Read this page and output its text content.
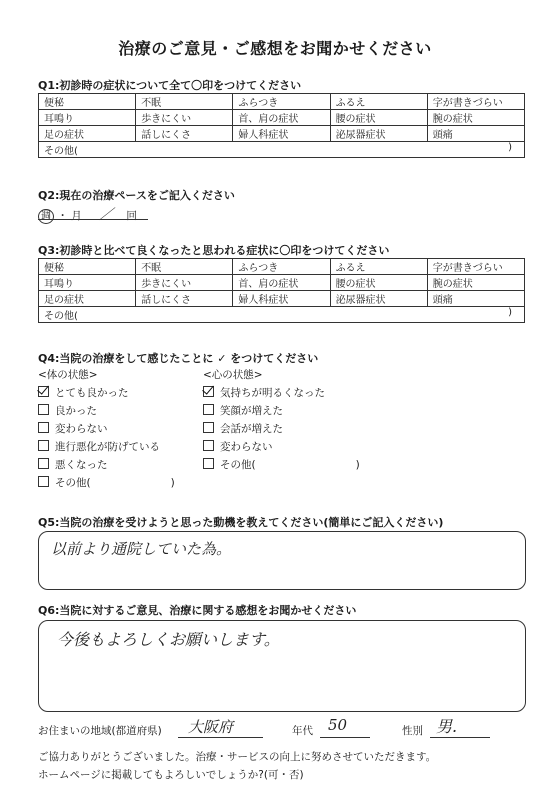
治療のご意見・ご感想をお聞かせください
Q1:初診時の症状について全て〇印をつけてください
便秘	不眠	ふらつき	ふるえ	字が書きづらい
耳鳴り	歩きにくい	首、肩の症状	腰の症状	腕の症状
足の症状	話しにくさ	婦人科症状	泌尿器症状	頭痛
その他( )				
Q2:現在の治療ペースをご記入ください
週 ・ 月 ／ 回
Q3:初診時と比べて良くなったと思われる症状に〇印をつけてください
便秘	不眠	ふらつき	ふるえ	字が書きづらい
耳鳴り	歩きにくい	首、肩の症状	腰の症状	腕の症状
足の症状	話しにくさ	婦人科症状	泌尿器症状	頭痛
その他( )				
Q4:当院の治療をして感じたことに ✓ をつけてください
<体の状態>
とても良かった
良かった
変わらない
進行悪化が防げている
悪くなった
その他(	)
<心の状態>
気持ちが明るくなった
笑顔が増えた
会話が増えた
変わらない
その他(	)
Q5:当院の治療を受けようと思った動機を教えてください(簡単にご記入ください)
以前より通院していた為。
Q6:当院に対するご意見、治療に関する感想をお聞かせください
今後もよろしくお願いします。
お住まいの地域(都道府県) 大阪府	年代 50	性別 男.
ご協力ありがとうございました。治療・サービスの向上に努めさせていただきます。
ホームページに掲載してもよろしいでしょうか?(可・否)
